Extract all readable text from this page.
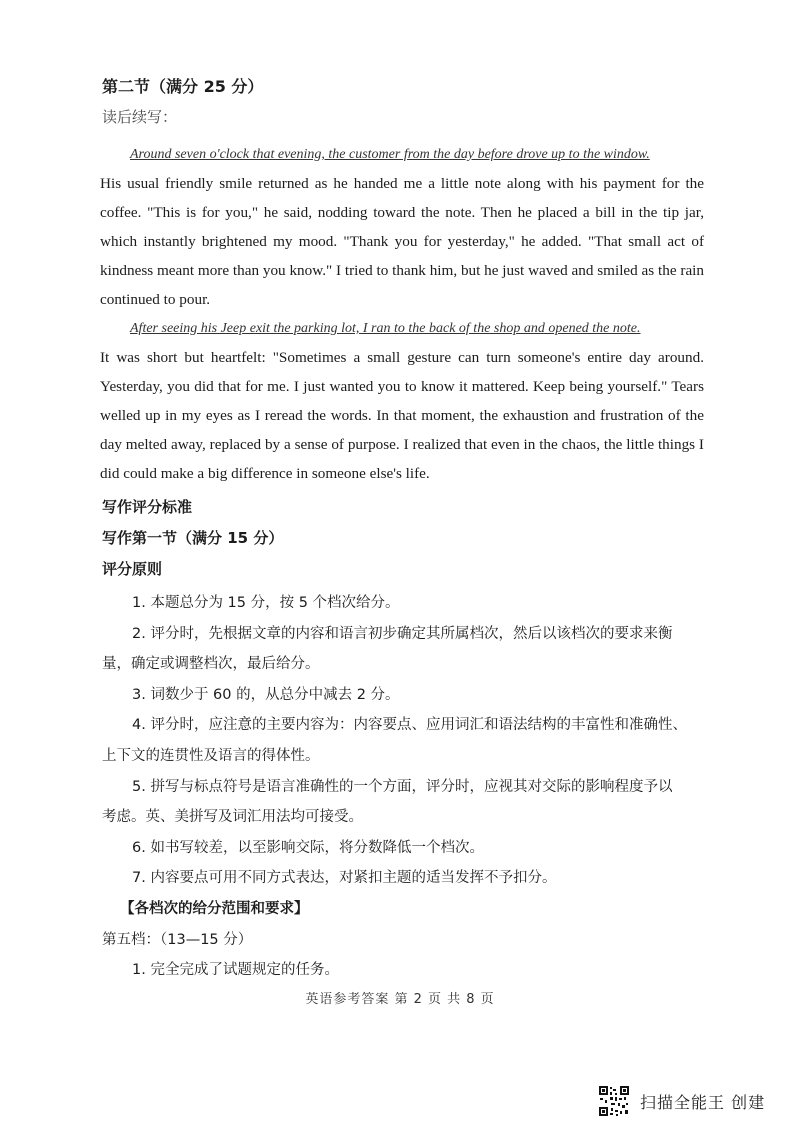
第二节（满分 25 分）
读后续写：
Around seven o'clock that evening, the customer from the day before drove up to the window.

His usual friendly smile returned as he handed me a little note along with his payment for the coffee. "This is for you," he said, nodding toward the note. Then he placed a bill in the tip jar, which instantly brightened my mood. "Thank you for yesterday," he added. "That small act of kindness meant more than you know." I tried to thank him, but he just waved and smiled as the rain continued to pour.

After seeing his Jeep exit the parking lot, I ran to the back of the shop and opened the note.

It was short but heartfelt: "Sometimes a small gesture can turn someone's entire day around. Yesterday, you did that for me. I just wanted you to know it mattered. Keep being yourself." Tears welled up in my eyes as I reread the words. In that moment, the exhaustion and frustration of the day melted away, replaced by a sense of purpose. I realized that even in the chaos, the little things I did could make a big difference in someone else's life.

写作评分标准
写作第一节（满分 15 分）
评分原则

1. 本题总分为 15 分，按 5 个档次给分。

2. 评分时，先根据文章的内容和语言初步确定其所属档次，然后以该档次的要求来衡

量，确定或调整档次，最后给分。

3. 词数少于 60 的，从总分中减去 2 分。

4. 评分时，应注意的主要内容为：内容要点、应用词汇和语法结构的丰富性和准确性、

上下文的连贯性及语言的得体性。

5. 拼写与标点符号是语言准确性的一个方面，评分时，应视其对交际的影响程度予以

考虑。英、美拼写及词汇用法均可接受。

6. 如书写较差，以至影响交际，将分数降低一个档次。

7. 内容要点可用不同方式表达，对紧扣主题的适当发挥不予扣分。

【各档次的给分范围和要求】

第五档：（13—15 分）

1. 完全完成了试题规定的任务。

英语参考答案 第 2 页 共 8 页
扫描全能王 创建
